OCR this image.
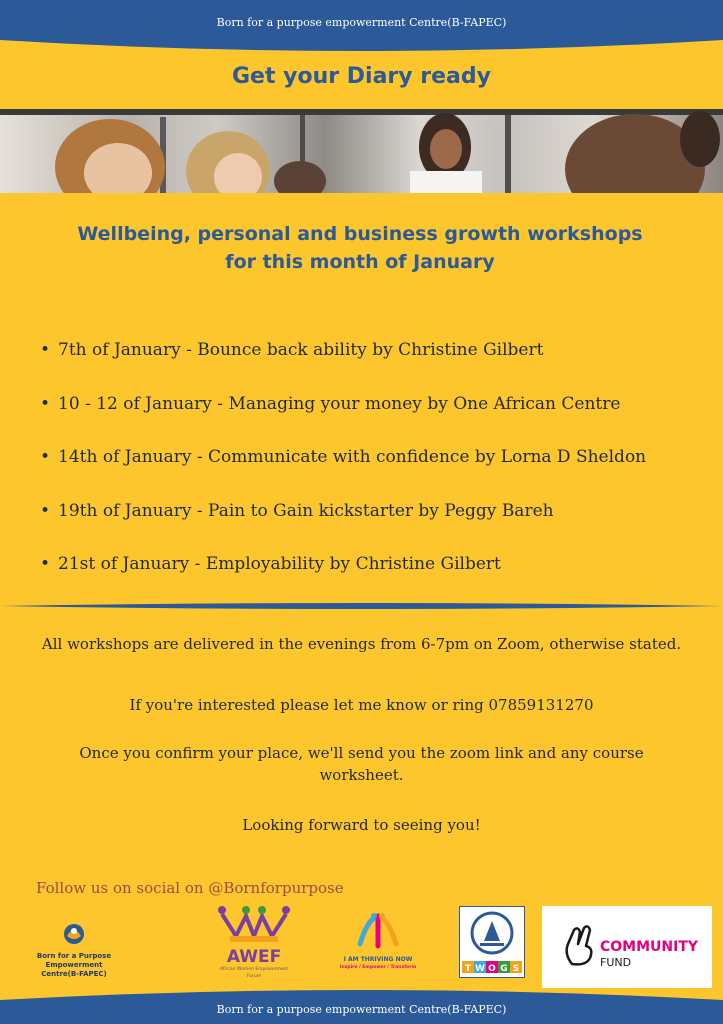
Born for a purpose empowerment Centre(B-FAPEC)
Get your Diary ready
Wellbeing, personal and business growth workshops
for this month of January
• 7th of January - Bounce back ability by Christine Gilbert
• 10 - 12 of January - Managing your money by One African Centre
• 14th of January - Communicate with confidence by Lorna D Sheldon
• 19th of January - Pain to Gain kickstarter by Peggy Bareh
• 21st of January - Employability by Christine Gilbert
All workshops are delivered in the evenings from 6-7pm on Zoom, otherwise stated.
If you're interested please let me know or ring 07859131270
Once you confirm your place, we'll send you the zoom link and any course
worksheet.
Looking forward to seeing you!
Follow us on social on @Bornforpurpose
Born for a Purpose Empowerment
Centre(B-FAPEC)
AWEF
African Women Empowerment Forum
I AM THRIVING NOW
Inspire / Empower / Transform	T W O G S
COMMUNITY
FUND
Born for a purpose empowerment Centre(B-FAPEC)
